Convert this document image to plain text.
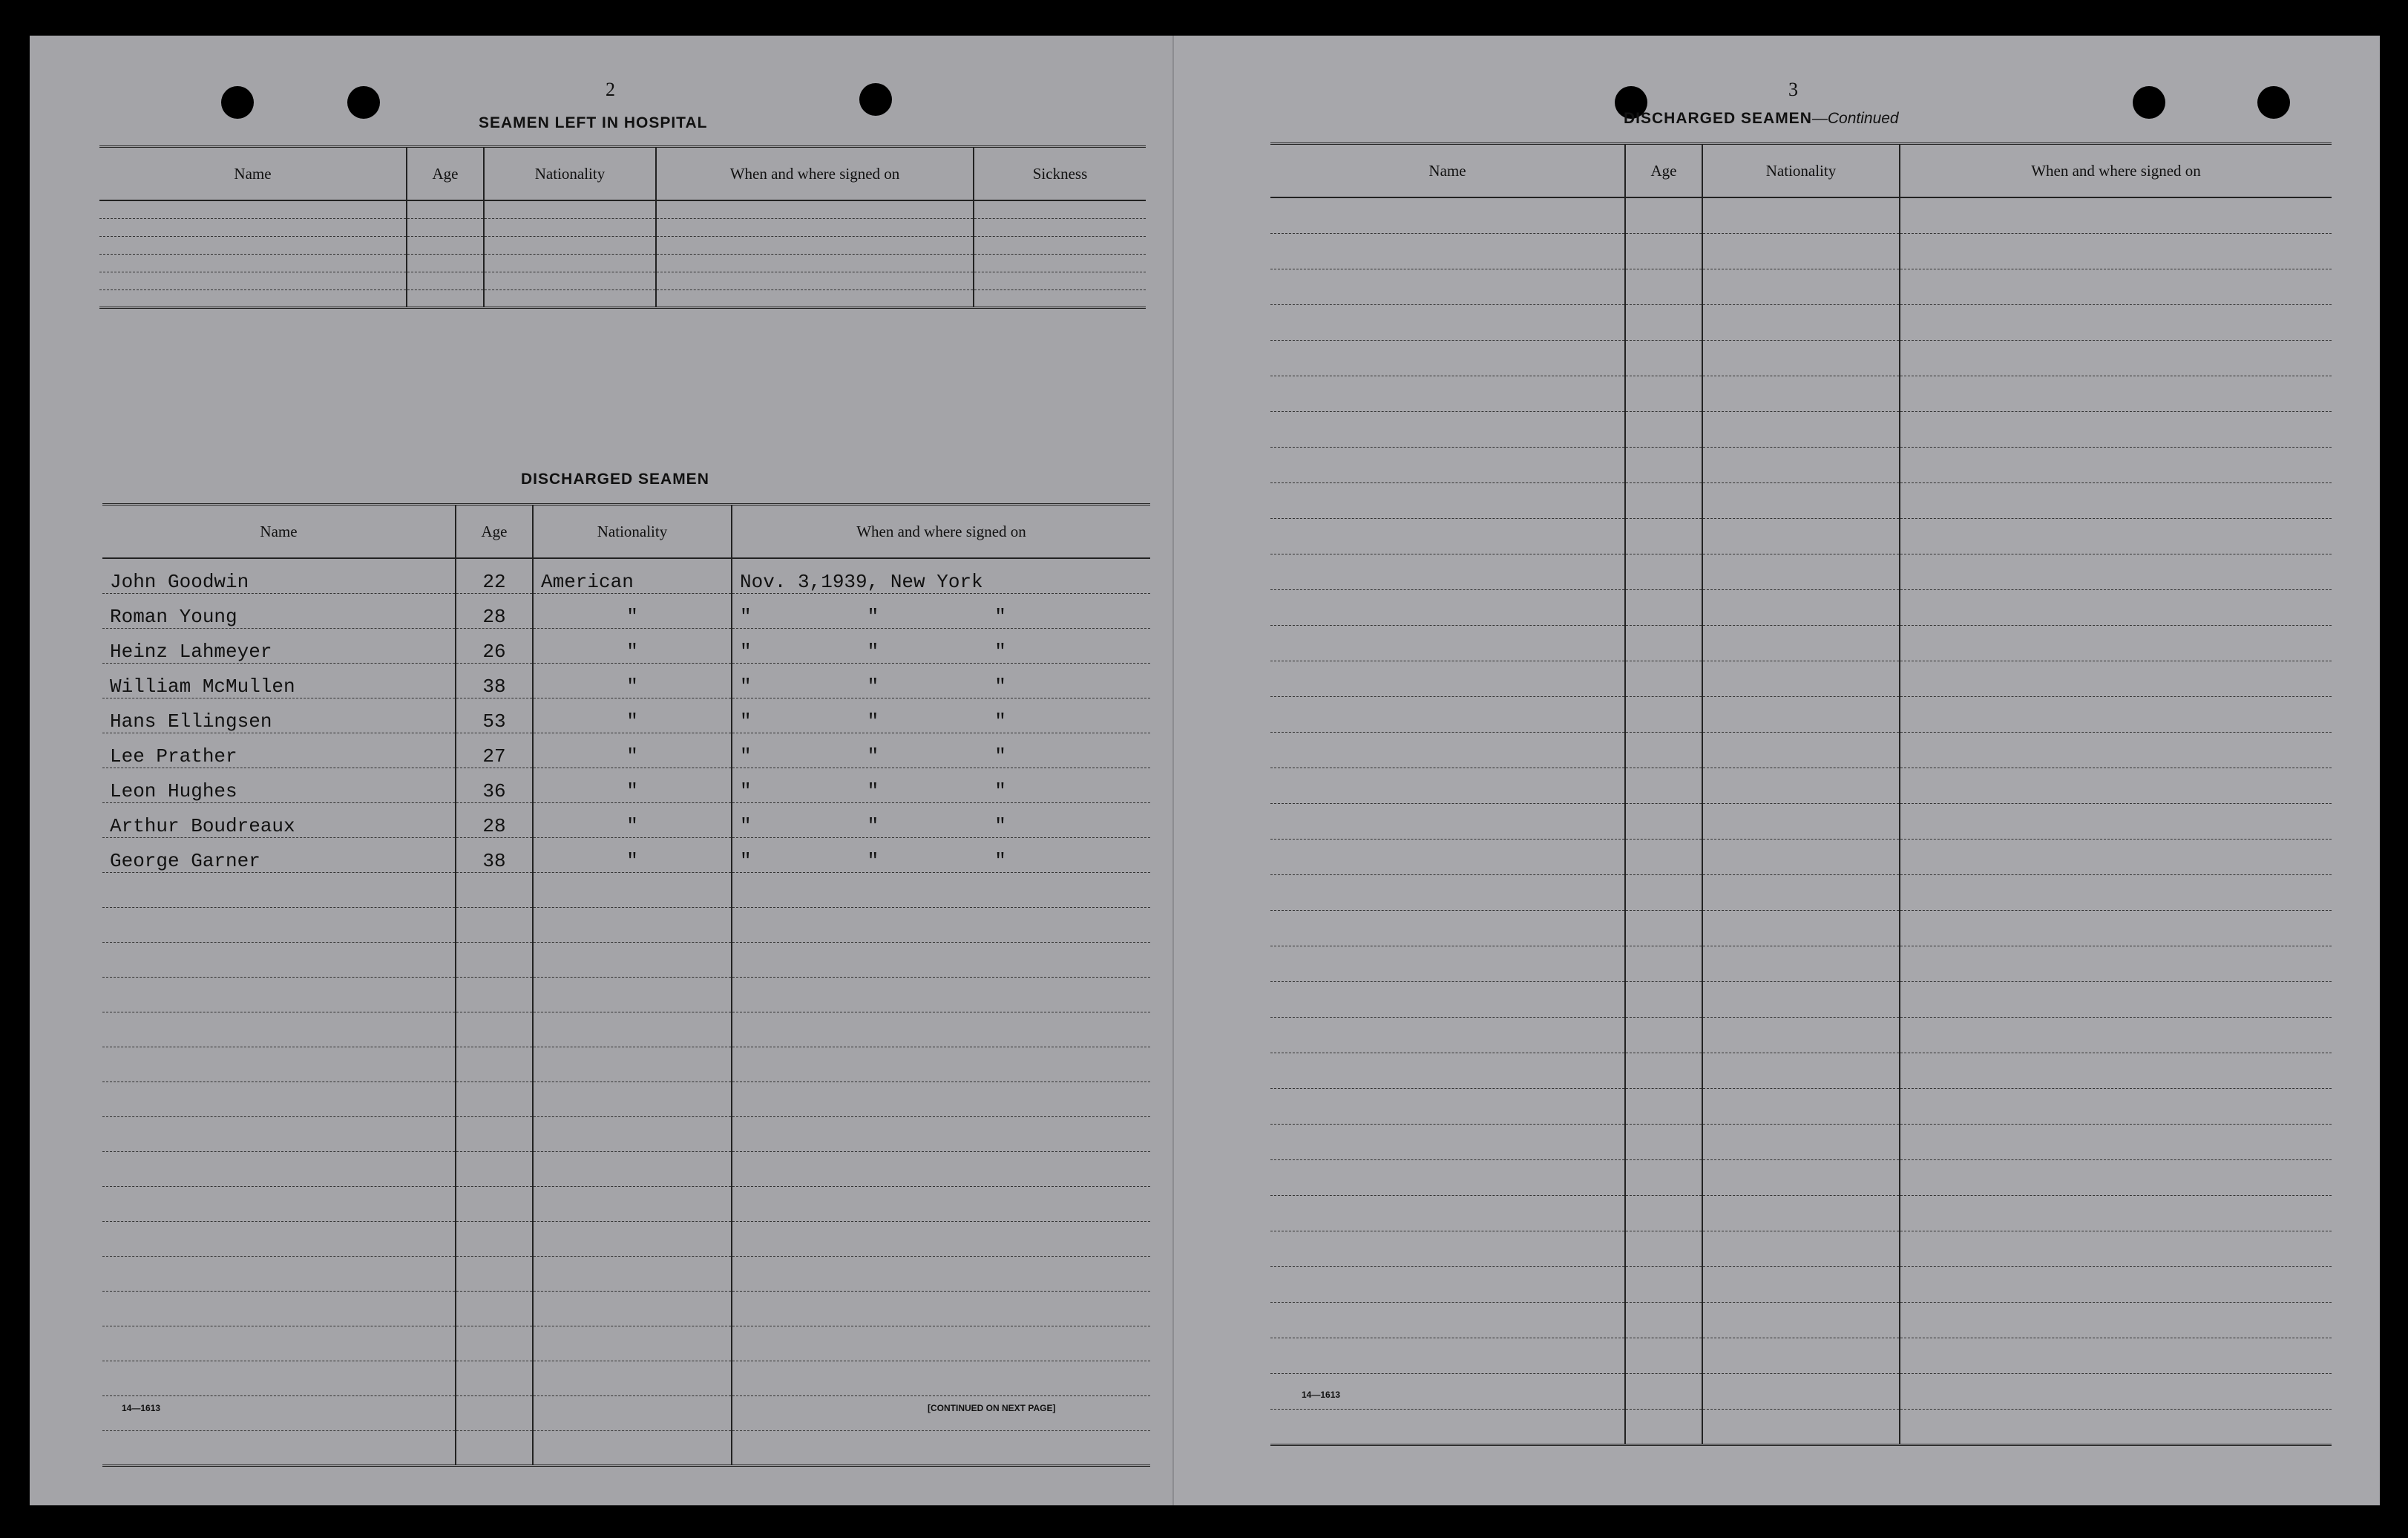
2
SEAMEN LEFT IN HOSPITAL
Name	Age	Nationality	When and where signed on	Sickness

DISCHARGED SEAMEN
Name	Age	Nationality	When and where signed on
John Goodwin	22	American	Nov. 3,1939, New York
Roman Young	28	"	"          "          "
Heinz Lahmeyer	26	"	"          "          "
William McMullen	38	"	"          "          "
Hans Ellingsen	53	"	"          "          "
Lee Prather	27	"	"          "          "
Leon Hughes	36	"	"          "          "
Arthur Boudreaux	28	"	"          "          "
George Garner	38	"	"          "          "

14—1613	[CONTINUED ON NEXT PAGE]
3
DISCHARGED SEAMEN—Continued
Name	Age	Nationality	When and where signed on

14—1613
